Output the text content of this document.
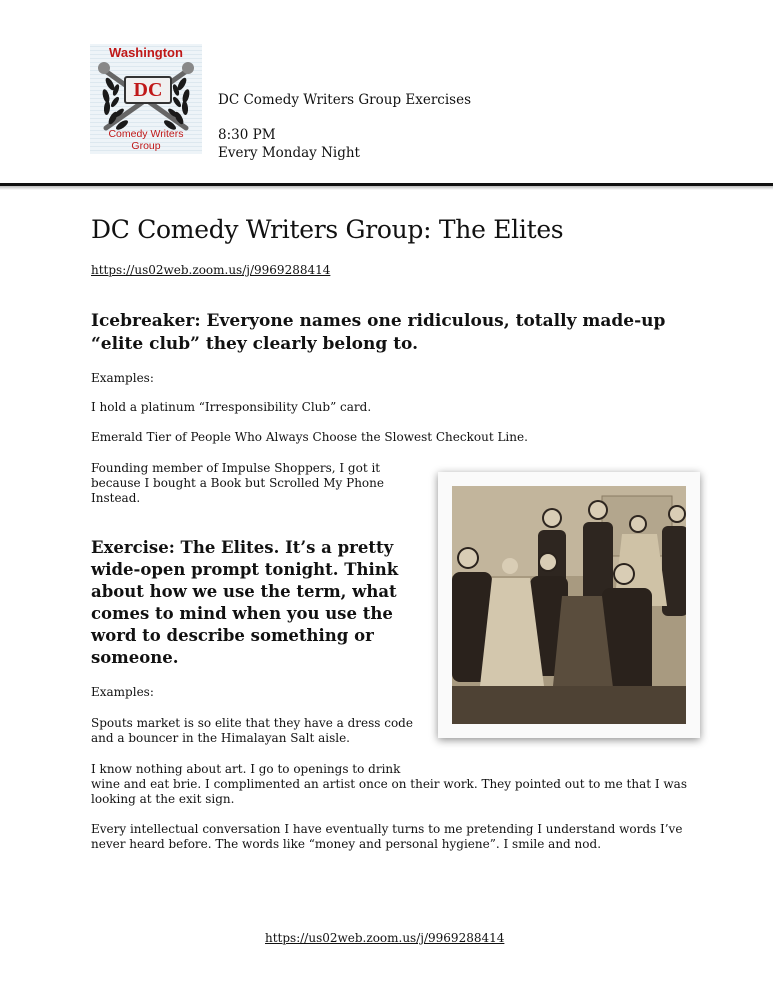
Washington
DC
Comedy Writers
Group
DC Comedy Writers Group Exercises
8:30 PM
Every Monday Night
DC Comedy Writers Group: The Elites
https://us02web.zoom.us/j/9969288414
Icebreaker: Everyone names one ridiculous, totally made-up
“elite club” they clearly belong to.
Examples:
I hold a platinum “Irresponsibility Club” card.
Emerald Tier of People Who Always Choose the Slowest Checkout Line.
Founding member of Impulse Shoppers, I got it
because I bought a Book but Scrolled My Phone
Instead.
Exercise: The Elites. It’s a pretty
wide-open prompt tonight. Think
about how we use the term, what
comes to mind when you use the
word to describe something or
someone.
Examples:
Spouts market is so elite that they have a dress code
and a bouncer in the Himalayan Salt aisle.
I know nothing about art. I go to openings to drink
wine and eat brie. I complimented an artist once on their work. They pointed out to me that I was
looking at the exit sign.
Every intellectual conversation I have eventually turns to me pretending I understand words I’ve
never heard before. The words like “money and personal hygiene”. I smile and nod.
https://us02web.zoom.us/j/9969288414
